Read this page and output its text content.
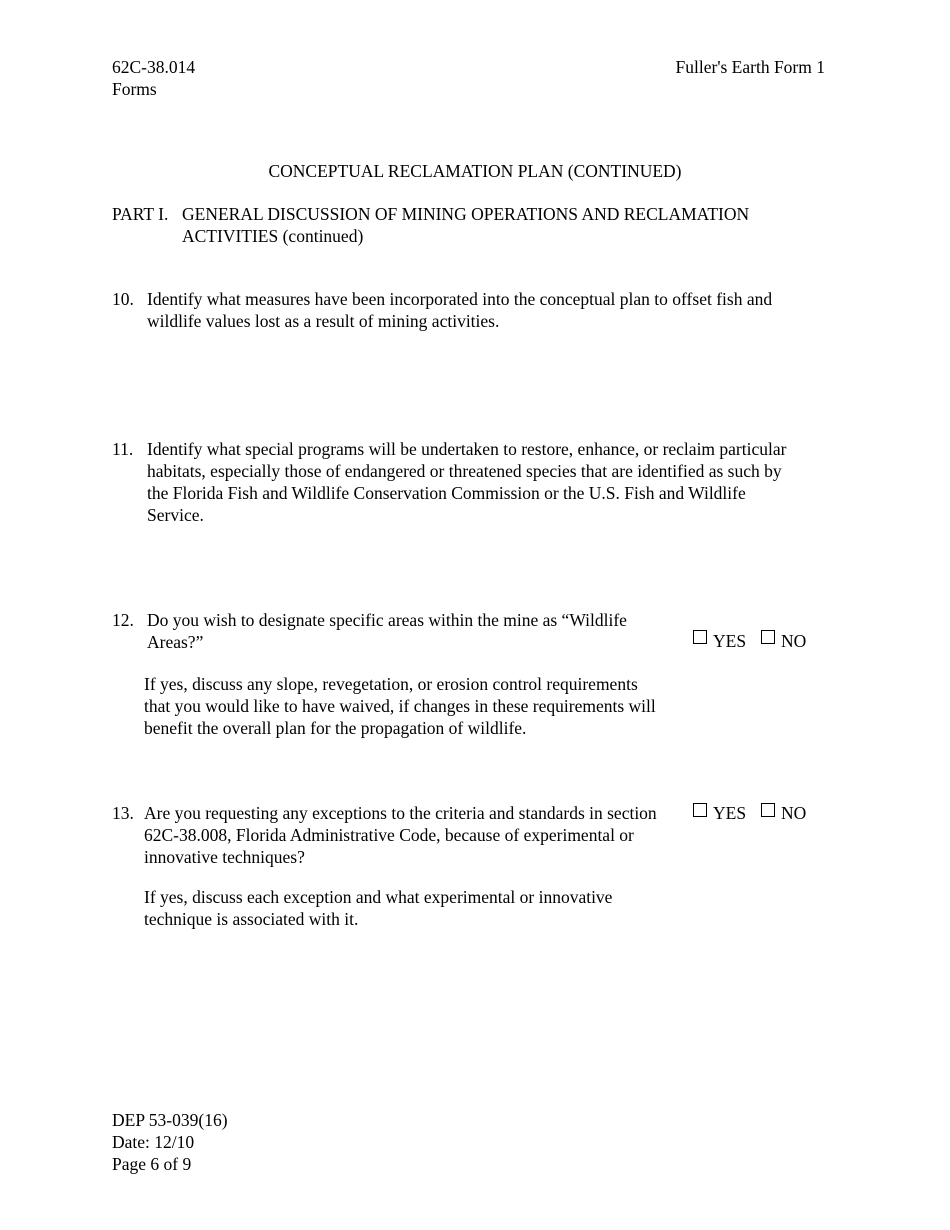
62C-38.014
Forms
Fuller's Earth Form 1
CONCEPTUAL RECLAMATION PLAN (CONTINUED)
PART I. GENERAL DISCUSSION OF MINING OPERATIONS AND RECLAMATION
ACTIVITIES (continued)
10. Identify what measures have been incorporated into the conceptual plan to offset fish and
wildlife values lost as a result of mining activities.
11. Identify what special programs will be undertaken to restore, enhance, or reclaim particular
habitats, especially those of endangered or threatened species that are identified as such by
the Florida Fish and Wildlife Conservation Commission or the U.S. Fish and Wildlife
Service.
12. Do you wish to designate specific areas within the mine as “Wildlife
Areas?”	YES NO
If yes, discuss any slope, revegetation, or erosion control requirements
that you would like to have waived, if changes in these requirements will
benefit the overall plan for the propagation of wildlife.
13. Are you requesting any exceptions to the criteria and standards in section
62C-38.008, Florida Administrative Code, because of experimental or
innovative techniques?
YES NO
If yes, discuss each exception and what experimental or innovative
technique is associated with it.
DEP 53-039(16)
Date: 12/10
Page 6 of 9
